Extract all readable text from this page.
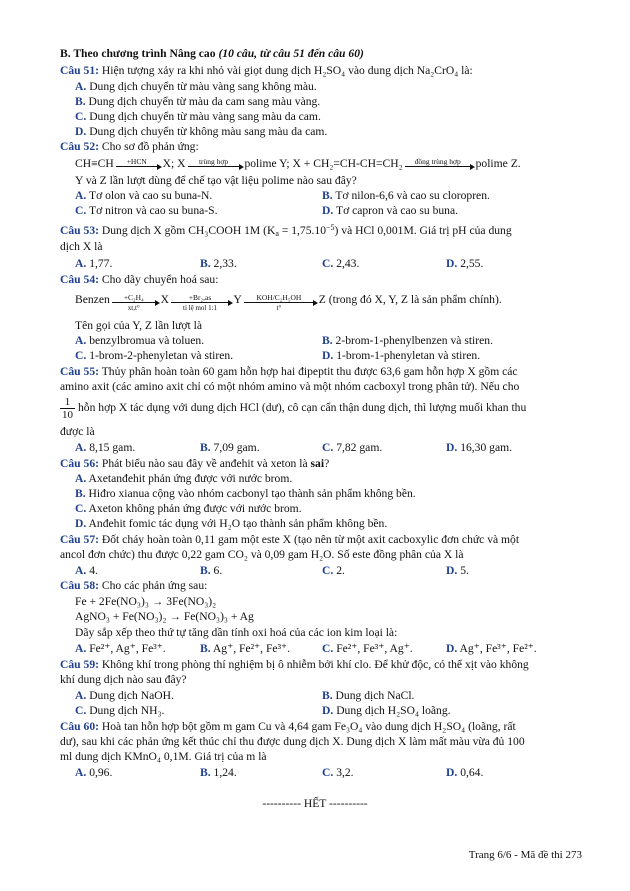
B. Theo chương trình Nâng cao (10 câu, từ câu 51 đến câu 60)
Câu 51: Hiện tượng xảy ra khi nhỏ vài giọt dung dịch H₂SO₄ vào dung dịch Na₂CrO₄ là:
A. Dung dịch chuyển từ màu vàng sang không màu.
B. Dung dịch chuyển từ màu da cam sang màu vàng.
C. Dung dịch chuyển từ màu vàng sang màu da cam.
D. Dung dịch chuyển từ không màu sang màu da cam.
Câu 52: Cho sơ đồ phản ứng:
CH≡CH +HCN X; X trùng hợp polime Y; X + CH₂=CH-CH=CH₂ đồng trùng hợp polime Z.
Y và Z lần lượt dùng để chế tạo vật liệu polime nào sau đây?
A. Tơ olon và cao su buna-N.	B. Tơ nilon-6,6 và cao su cloropren.
C. Tơ nitron và cao su buna-S.	D. Tơ capron và cao su buna.
Câu 53: Dung dịch X gồm CH₃COOH 1M $(K_a = 1,75.10^{-5})$ và HCl 0,001M. Giá trị pH của dung
dịch X là
A. 1,77.	B. 2,33.	C. 2,43.	D. 2,55.
Câu 54: Cho dãy chuyển hoá sau:
Benzen +C₂H₄
xt,t°
X	+Br₂,as
tỉ lệ mol 1:1
Y KOH/C₂H₅OH
t°
Z (trong đó X, Y, Z là sản phẩm chính).
Tên gọi của Y, Z lần lượt là
A. benzylbromua và toluen.	B. 2-brom-1-phenylbenzen và stiren.
C. 1-brom-2-phenyletan và stiren.	D. 1-brom-1-phenyletan và stiren.
Câu 55: Thủy phân hoàn toàn 60 gam hỗn hợp hai đipeptit thu được 63,6 gam hỗn hợp X gồm các
amino axit (các amino axit chỉ có một nhóm amino và một nhóm cacboxyl trong phân tử). Nếu cho
$\frac{1}{10}$ hỗn hợp X tác dụng với dung dịch HCl (dư), cô cạn cẩn thận dung dịch, thì lượng muối khan thu
được là
A. 8,15 gam.	B. 7,09 gam.	C. 7,82 gam.	D. 16,30 gam.
Câu 56: Phát biểu nào sau đây về anđehit và xeton là sai?
A. Axetanđehit phản ứng được với nước brom.
B. Hiđro xianua cộng vào nhóm cacbonyl tạo thành sản phẩm không bền.
C. Axeton không phản ứng được với nước brom.
D. Anđehit fomic tác dụng với H₂O tạo thành sản phẩm không bền.
Câu 57: Đốt cháy hoàn toàn 0,11 gam một este X (tạo nên từ một axit cacboxylic đơn chức và một
ancol đơn chức) thu được 0,22 gam CO₂ và 0,09 gam H₂O. Số este đồng phân của X là
A. 4.	B. 6.	C. 2.	D. 5.
Câu 58: Cho các phản ứng sau:
Fe + 2Fe(NO₃)₃ → 3Fe(NO₃)₂
AgNO₃ + Fe(NO₃)₂ → Fe(NO₃)₃ + Ag
Dãy sắp xếp theo thứ tự tăng dần tính oxi hoá của các ion kim loại là:
A. Fe²⁺, Ag⁺, Fe³⁺.	B. Ag⁺, Fe²⁺, Fe³⁺.	C. Fe²⁺, Fe³⁺, Ag⁺.	D. Ag⁺, Fe³⁺, Fe²⁺.
Câu 59: Không khí trong phòng thí nghiệm bị ô nhiễm bởi khí clo. Để khử độc, có thể xịt vào không
khí dung dịch nào sau đây?
A. Dung dịch NaOH.	B. Dung dịch NaCl.
C. Dung dịch NH₃.	D. Dung dịch H₂SO₄ loãng.
Câu 60: Hoà tan hỗn hợp bột gồm m gam Cu và 4,64 gam Fe₃O₄ vào dung dịch H₂SO₄ (loãng, rất
dư), sau khi các phản ứng kết thúc chỉ thu được dung dịch X. Dung dịch X làm mất màu vừa đủ 100
ml dung dịch KMnO₄ 0,1M. Giá trị của m là
A. 0,96.	B. 1,24.	C. 3,2.	D. 0,64.
---------- HẾT ----------
Trang 6/6 - Mã đề thi 273
